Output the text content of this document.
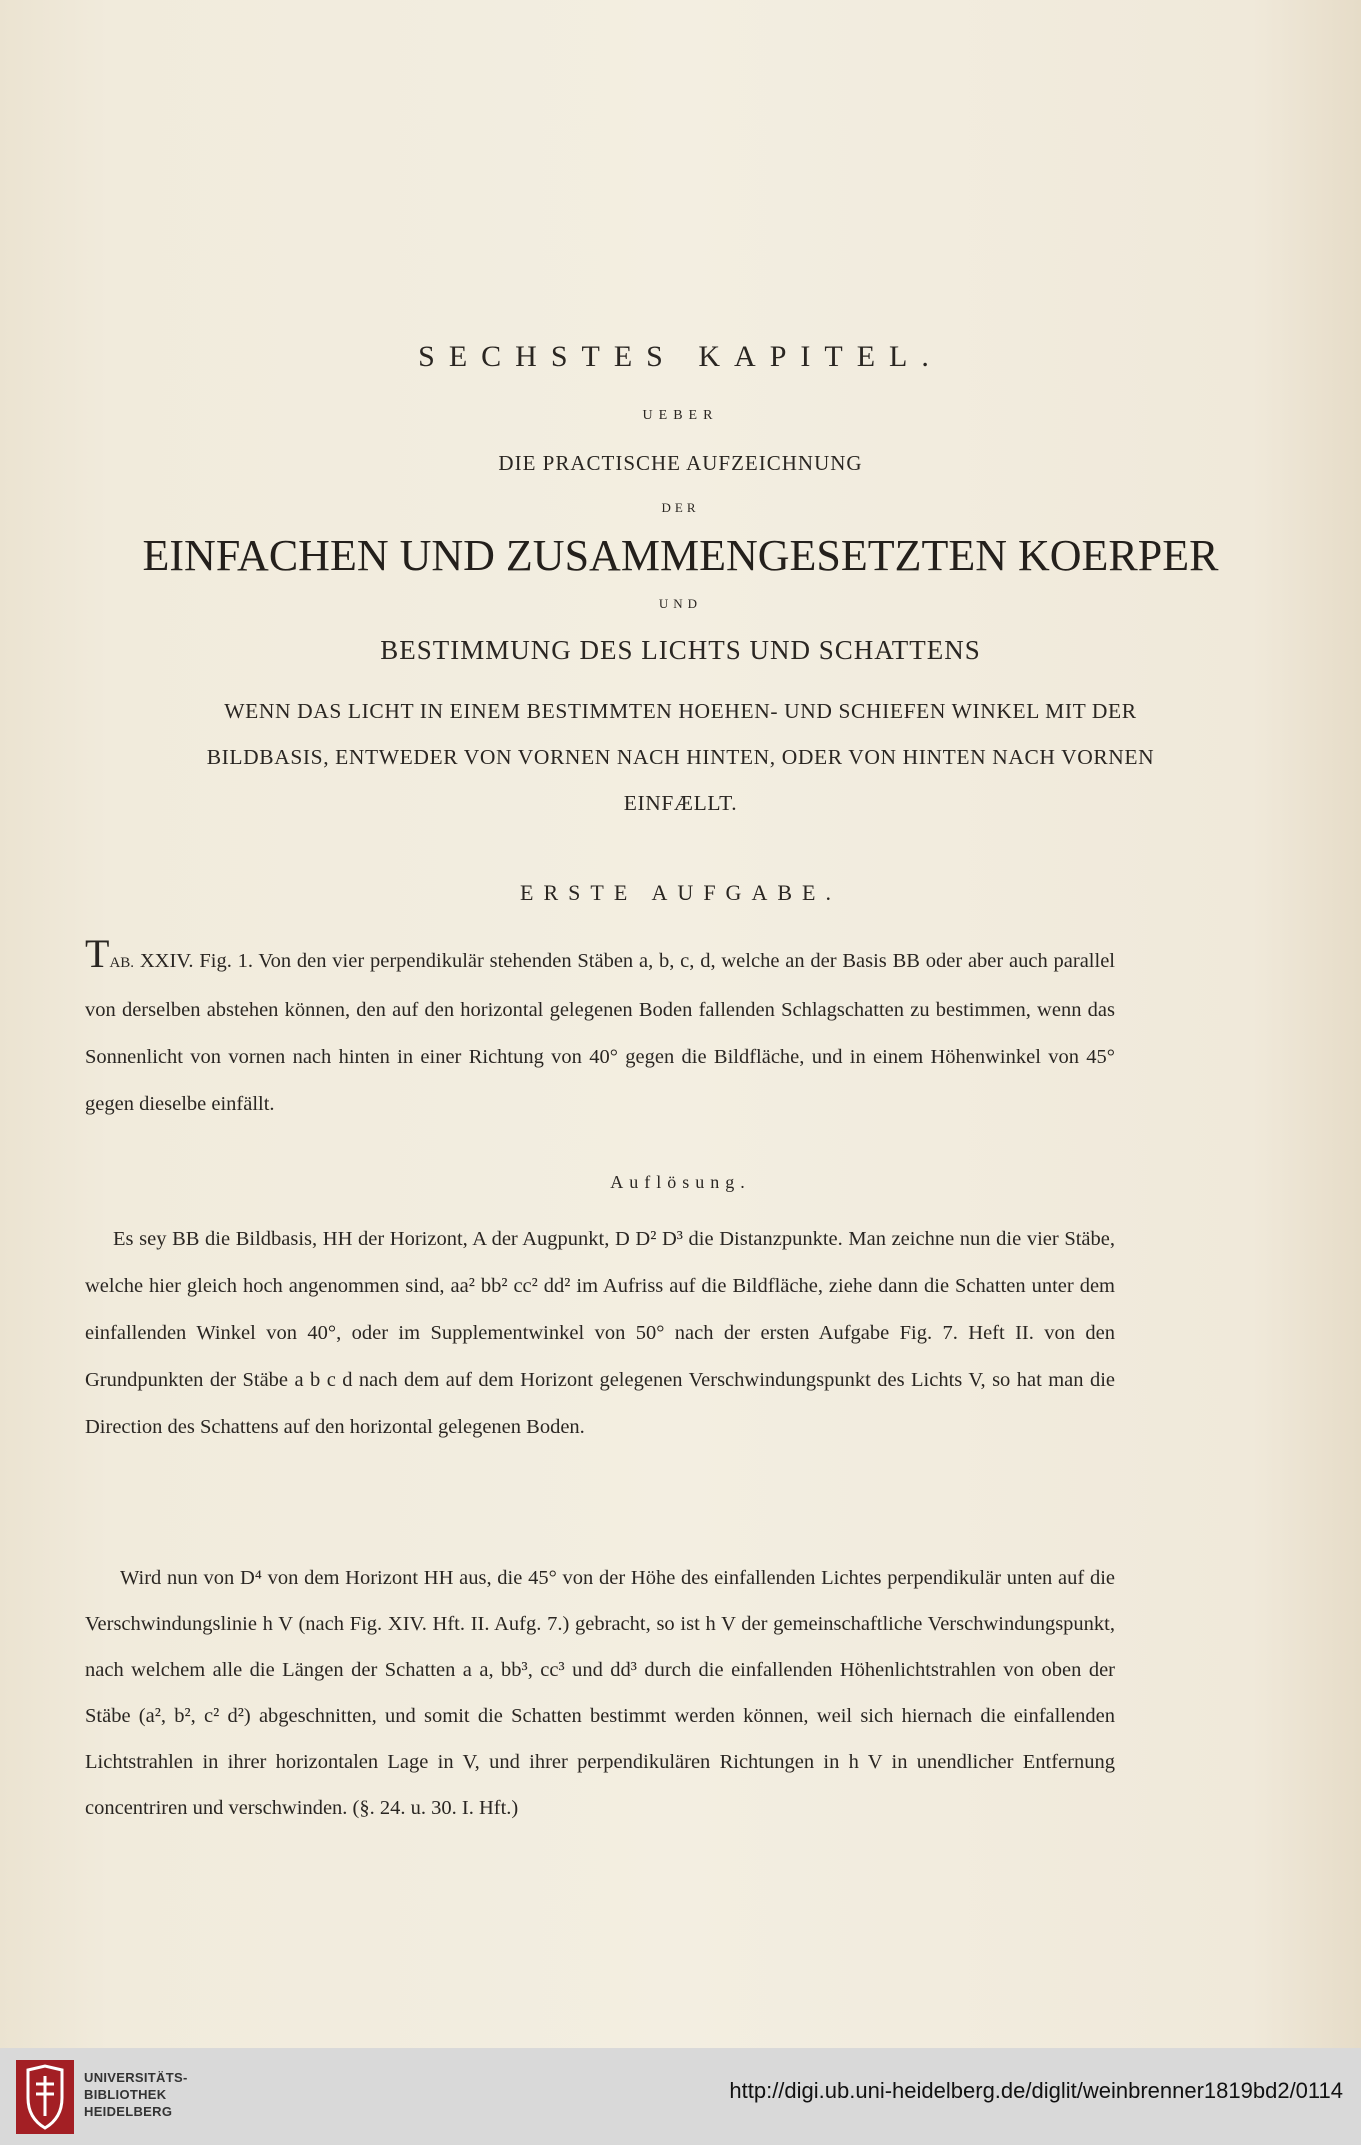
SECHSTES KAPITEL.
UEBER
DIE PRACTISCHE AUFZEICHNUNG
DER
EINFACHEN UND ZUSAMMENGESETZTEN KOERPER
UND
BESTIMMUNG DES LICHTS UND SCHATTENS
WENN DAS LICHT IN EINEM BESTIMMTEN HOEHEN- UND SCHIEFEN WINKEL MIT DER
BILDBASIS, ENTWEDER VON VORNEN NACH HINTEN, ODER VON HINTEN NACH VORNEN
EINFÆLLT.
ERSTE AUFGABE.
TAB. XXIV. Fig. 1. Von den vier perpendikulär stehenden Stäben a, b, c, d, welche an der Basis BB oder aber auch parallel von derselben abstehen können, den auf den horizontal gelegenen Boden fallenden Schlagschatten zu bestimmen, wenn das Sonnenlicht von vornen nach hinten in einer Richtung von 40° gegen die Bildfläche, und in einem Höhenwinkel von 45° gegen dieselbe einfällt.
Auflösung.
Es sey BB die Bildbasis, HH der Horizont, A der Augpunkt, D D² D³ die Distanzpunkte. Man zeichne nun die vier Stäbe, welche hier gleich hoch angenommen sind, aa² bb² cc² dd² im Aufriss auf die Bildfläche, ziehe dann die Schatten unter dem einfallenden Winkel von 40°, oder im Supplementwinkel von 50° nach der ersten Aufgabe Fig. 7. Heft II. von den Grundpunkten der Stäbe a b c d nach dem auf dem Horizont gelegenen Verschwindungspunkt des Lichts V, so hat man die Direction des Schattens auf den horizontal gelegenen Boden.
Wird nun von D⁴ von dem Horizont HH aus, die 45° von der Höhe des einfallenden Lichtes perpendikulär unten auf die Verschwindungslinie h V (nach Fig. XIV. Hft. II. Aufg. 7.) gebracht, so ist h V der gemeinschaftliche Verschwindungspunkt, nach welchem alle die Längen der Schatten a a, bb³, cc³ und dd³ durch die einfallenden Höhenlichtstrahlen von oben der Stäbe (a², b², c² d²) abgeschnitten, und somit die Schatten bestimmt werden können, weil sich hiernach die einfallenden Lichtstrahlen in ihrer horizontalen Lage in V, und ihrer perpendikulären Richtungen in h V in unendlicher Entfernung concentriren und verschwinden. (§. 24. u. 30. I. Hft.)
UNIVERSITÄTS-
BIBLIOTHEK
HEIDELBERG
http://digi.ub.uni-heidelberg.de/diglit/weinbrenner1819bd2/0114
